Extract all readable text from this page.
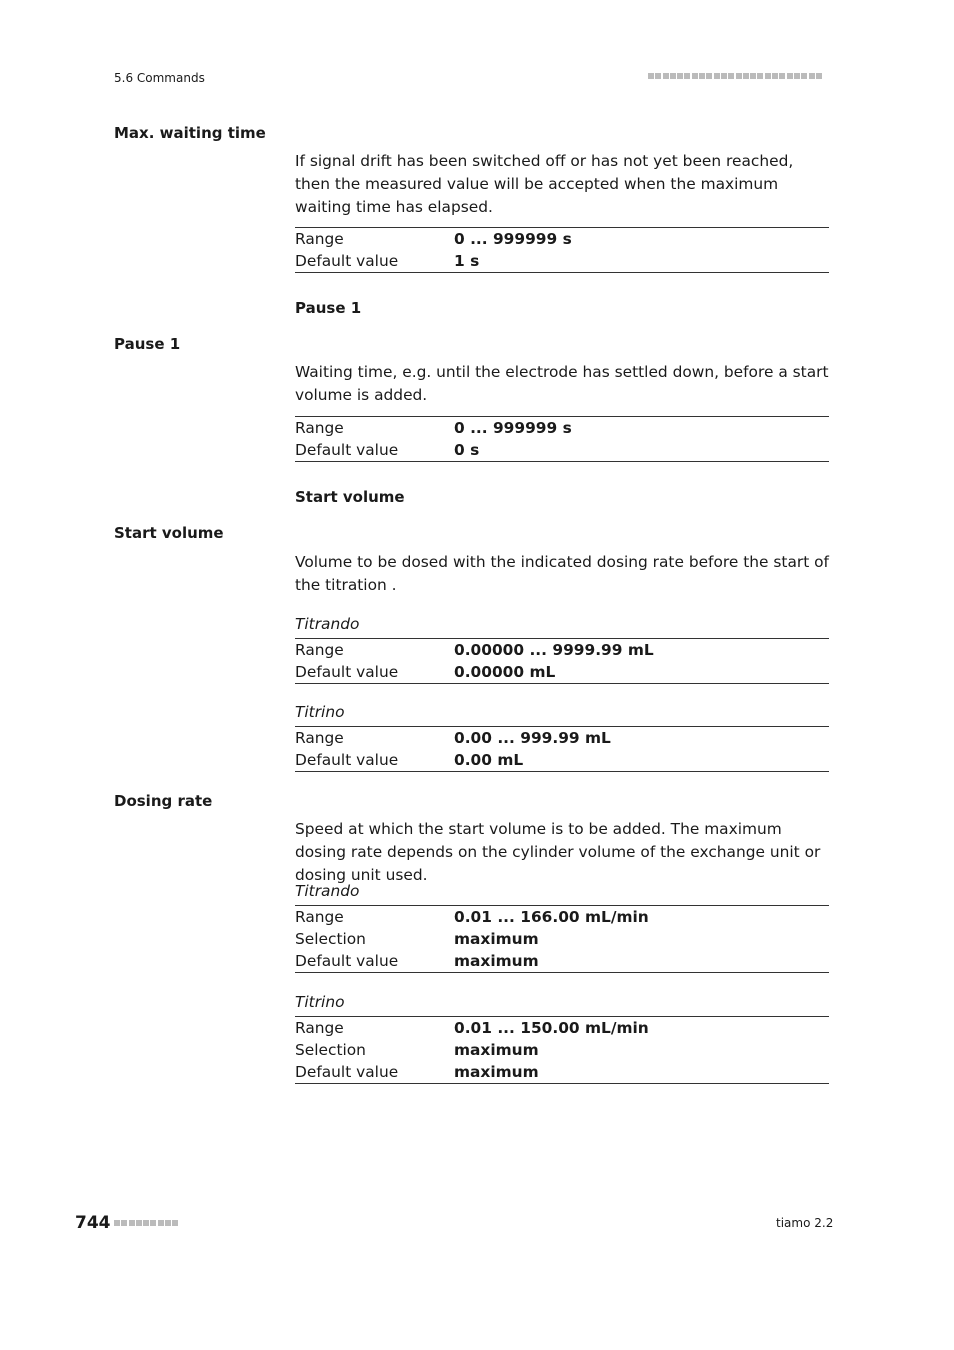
5.6 Commands
Max. waiting time
If signal drift has been switched off or has not yet been reached, then the measured value will be accepted when the maximum waiting time has elapsed.
Range	0 ... 999999 s
Default value	1 s
Pause 1
Pause 1
Waiting time, e.g. until the electrode has settled down, before a start volume is added.
Range	0 ... 999999 s
Default value	0 s
Start volume
Start volume
Volume to be dosed with the indicated dosing rate before the start of the titration .
Titrando
Range	0.00000 ... 9999.99 mL
Default value	0.00000 mL
Titrino
Range	0.00 ... 999.99 mL
Default value	0.00 mL
Dosing rate
Speed at which the start volume is to be added. The maximum dosing rate depends on the cylinder volume of the exchange unit or dosing unit used.
Titrando
Range	0.01 ... 166.00 mL/min
Selection	maximum
Default value	maximum
Titrino
Range	0.01 ... 150.00 mL/min
Selection	maximum
Default value	maximum
744	tiamo 2.2
